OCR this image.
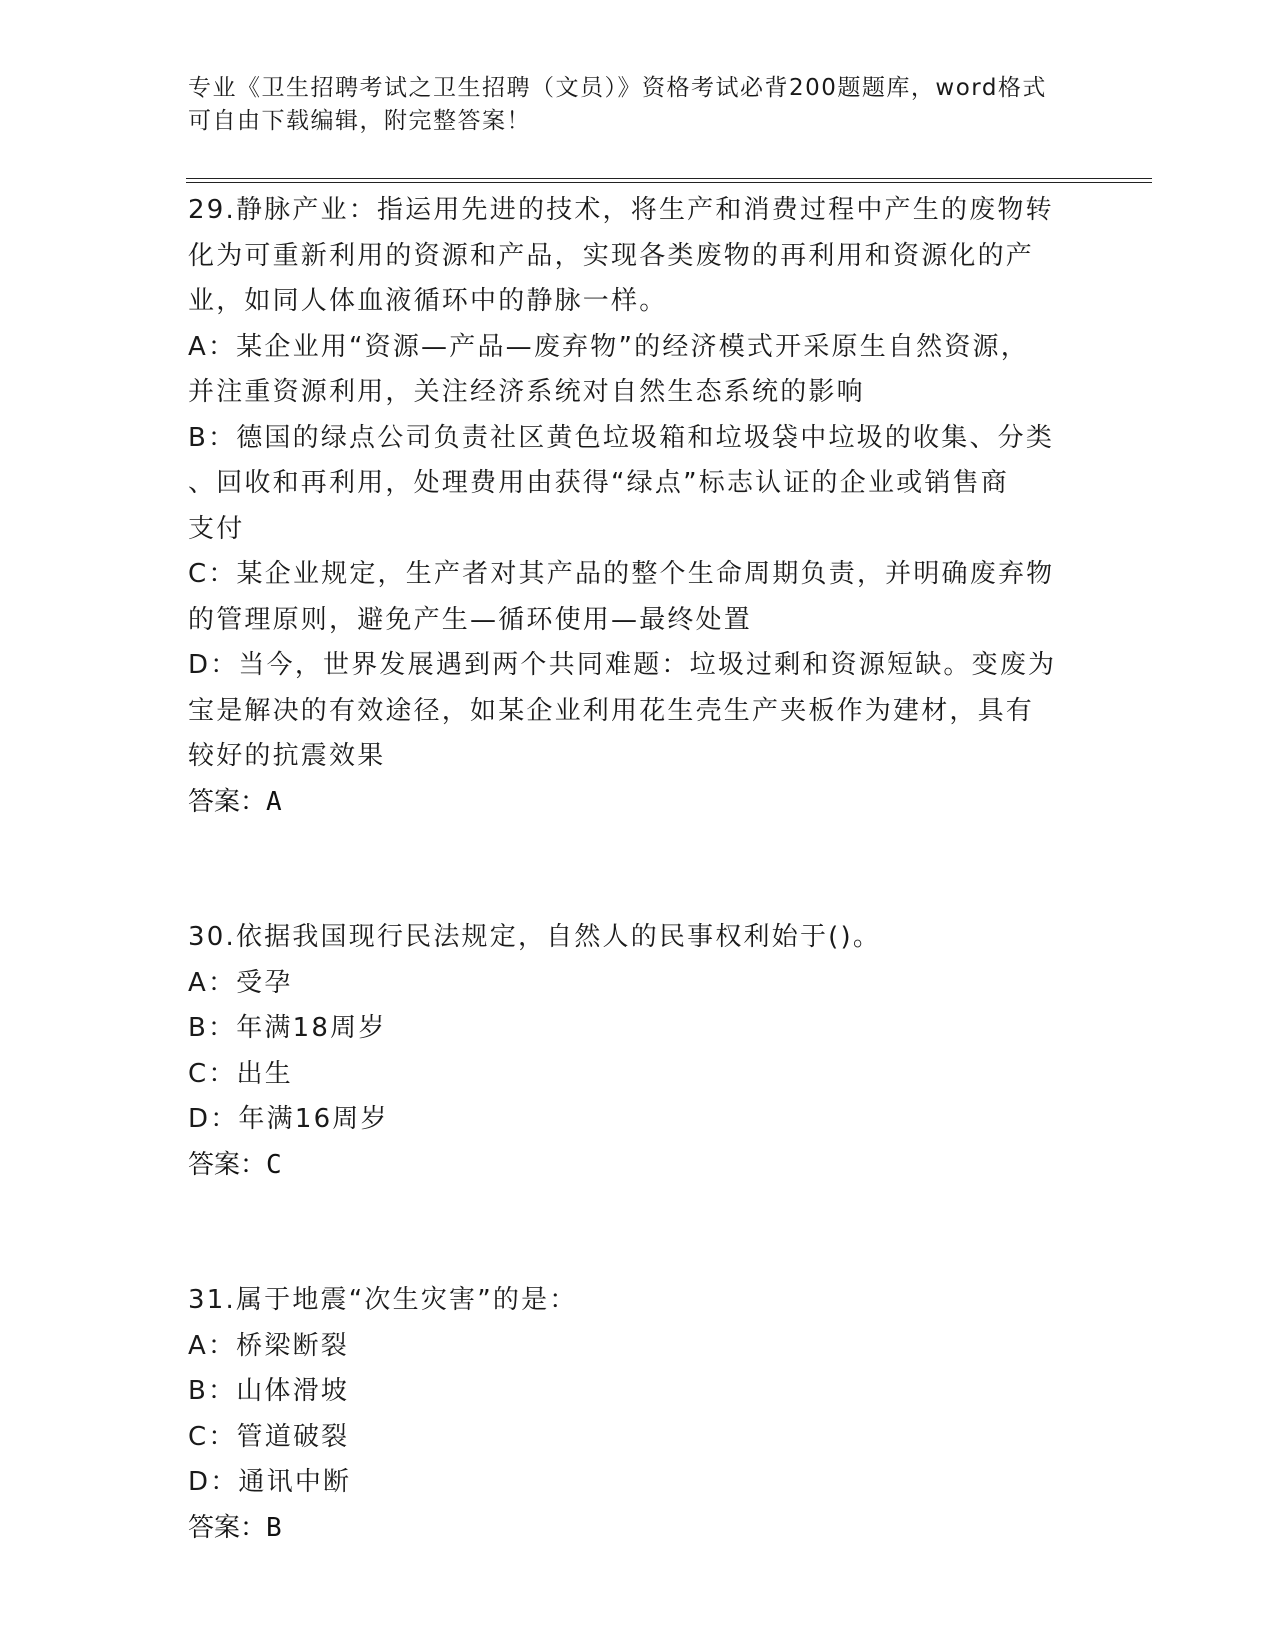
专业《卫生招聘考试之卫生招聘（文员）》资格考试必背200题题库，word格式
可自由下载编辑，附完整答案！
29.静脉产业：指运用先进的技术，将生产和消费过程中产生的废物转
化为可重新利用的资源和产品，实现各类废物的再利用和资源化的产
业，如同人体血液循环中的静脉一样。
A：某企业用“资源—产品—废弃物”的经济模式开采原生自然资源，
并注重资源利用，关注经济系统对自然生态系统的影响
B：德国的绿点公司负责社区黄色垃圾箱和垃圾袋中垃圾的收集、分类
、回收和再利用，处理费用由获得“绿点”标志认证的企业或销售商
支付
C：某企业规定，生产者对其产品的整个生命周期负责，并明确废弃物
的管理原则，避免产生—循环使用—最终处置
D：当今，世界发展遇到两个共同难题：垃圾过剩和资源短缺。变废为
宝是解决的有效途径，如某企业利用花生壳生产夹板作为建材，具有
较好的抗震效果
答案：A
30.依据我国现行民法规定，自然人的民事权利始于()。
A：受孕
B：年满18周岁
C：出生
D：年满16周岁
答案：C
31.属于地震“次生灾害”的是：
A：桥梁断裂
B：山体滑坡
C：管道破裂
D：通讯中断
答案：B
